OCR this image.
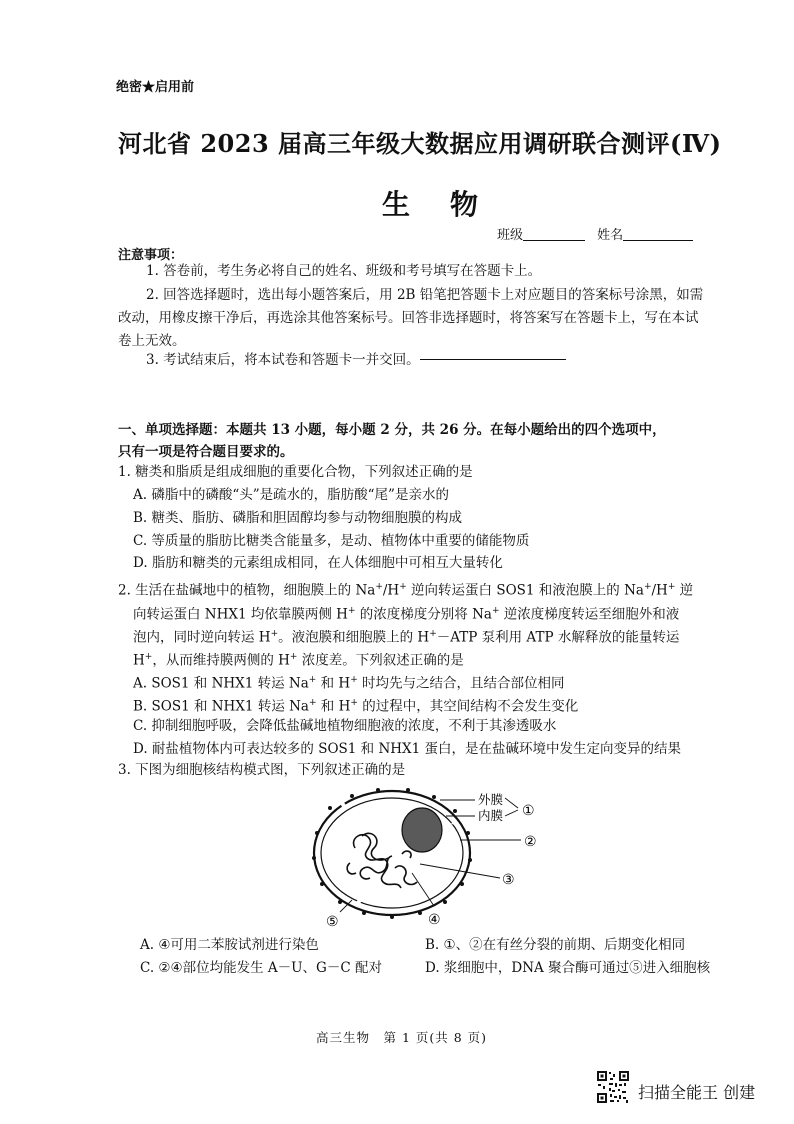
绝密★启用前
河北省 2023 届高三年级大数据应用调研联合测评(Ⅳ)
生物
班级	姓名
注意事项：
1. 答卷前，考生务必将自己的姓名、班级和考号填写在答题卡上。
2. 回答选择题时，选出每小题答案后，用 2B 铅笔把答题卡上对应题目的答案标号涂黑，如需
改动，用橡皮擦干净后，再选涂其他答案标号。回答非选择题时，将答案写在答题卡上，写在本试
卷上无效。
3. 考试结束后，将本试卷和答题卡一并交回。
一、单项选择题：本题共 13 小题，每小题 2 分，共 26 分。在每小题给出的四个选项中，只有一项是符合题目要求的。
1. 糖类和脂质是组成细胞的重要化合物，下列叙述正确的是
A. 磷脂中的磷酸“头”是疏水的，脂肪酸“尾”是亲水的
B. 糖类、脂肪、磷脂和胆固醇均参与动物细胞膜的构成
C. 等质量的脂肪比糖类含能量多，是动、植物体中重要的储能物质
D. 脂肪和糖类的元素组成相同，在人体细胞中可相互大量转化
2. 生活在盐碱地中的植物，细胞膜上的 Na+/H+ 逆向转运蛋白 SOS1 和液泡膜上的 Na+/H+ 逆
向转运蛋白 NHX1 均依靠膜两侧 H+ 的浓度梯度分别将 Na+ 逆浓度梯度转运至细胞外和液
泡内，同时逆向转运 H+。液泡膜和细胞膜上的 H+－ATP 泵利用 ATP 水解释放的能量转运
H+，从而维持膜两侧的 H+ 浓度差。下列叙述正确的是
A. SOS1 和 NHX1 转运 Na+ 和 H+ 时均先与之结合，且结合部位相同
B. SOS1 和 NHX1 转运 Na+ 和 H+ 的过程中，其空间结构不会发生变化
C. 抑制细胞呼吸，会降低盐碱地植物细胞液的浓度，不利于其渗透吸水
D. 耐盐植物体内可表达较多的 SOS1 和 NHX1 蛋白，是在盐碱环境中发生定向变异的结果
3. 下图为细胞核结构模式图，下列叙述正确的是
外膜
内膜 ①
②
③
④
⑤
A. ④可用二苯胺试剂进行染色	B. ①、②在有丝分裂的前期、后期变化相同
C. ②④部位均能发生 A－U、G－C 配对	D. 浆细胞中，DNA 聚合酶可通过⑤进入细胞核
高三生物　第 1 页(共 8 页)
扫描全能王 创建
